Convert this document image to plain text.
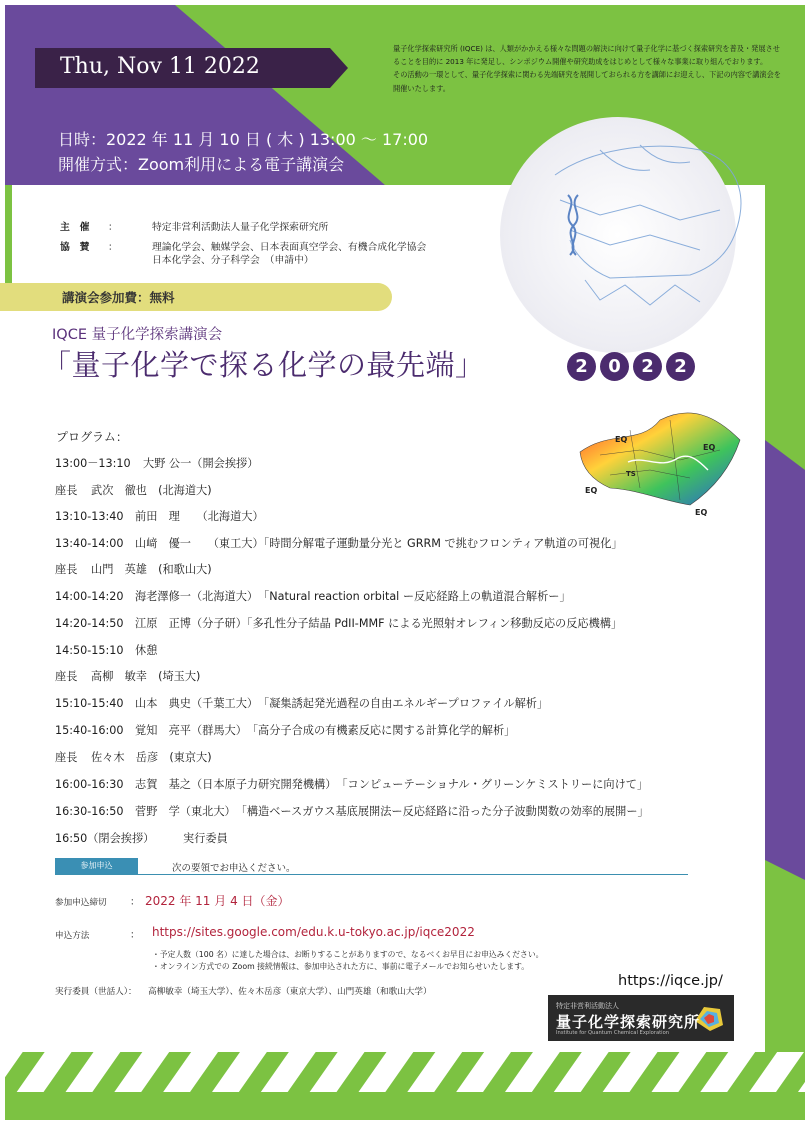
Thu, Nov 11 2022

量子化学探索研究所 (IQCE) は、人類がかかえる様々な問題の解決に向けて量子化学に基づく探索研究を普及・発展させることを目的に 2013 年に発足し、シンポジウム開催や研究助成をはじめとして様々な事業に取り組んでおります。

その活動の一環として、量子化学探索に関わる先端研究を展開しておられる方を講師にお迎えし、下記の内容で講演会を開催いたします。

日時：2022 年 11 月 10 日 ( 木 ) 13:00 〜 17:00
開催方式：Zoom利用による電子講演会
主　催	：	特定非営利活動法人量子化学探索研究所
協　賛	：	理論化学会、触媒学会、日本表面真空学会、有機合成化学協会
日本化学会、分子科学会　（申請中）
講演会参加費：無料
IQCE 量子化学探索講演会
「量子化学で探る化学の最先端」	2	0	2	2
EQ
EQ
EQ
EQ
TS
プログラム：
13:00－13:10 大野 公一（開会挨拶）
座長 武次　徹也　(北海道大)
13:10-13:40 前田　理　　（北海道大）
13:40-14:00 山﨑　優一　　（東工大）「時間分解電子運動量分光と GRRM で挑むフロンティア軌道の可視化」
座長 山門　英雄　(和歌山大)
14:00-14:20 海老澤修一（北海道大）　「Natural reaction orbital ー反応経路上の軌道混合解析ー」
14:20-14:50 江原　正博（分子研）「多孔性分子結晶 PdII-MMF による光照射オレフィン移動反応の反応機構」
14:50-15:10 休憩
座長 高柳　敏幸　(埼玉大)
15:10-15:40 山本　典史（千葉工大）　「凝集誘起発光過程の自由エネルギープロファイル解析」
15:40-16:00 覚知　亮平（群馬大）　「高分子合成の有機素反応に関する計算化学的解析」
座長 佐々木　岳彦　(東京大)
16:00-16:30 志賀　基之（日本原子力研究開発機構）　「コンピューテーショナル・グリーンケミストリーに向けて」
16:30-16:50 菅野　学（東北大）　「構造ベースガウス基底展開法ー反応経路に沿った分子波動関数の効率的展開ー」
16:50（閉会挨拶）	実行委員
参加申込	次の要領でお申込ください。
参加申込締切 ： 2022 年 11 月 4 日（金）
申込方法	： https://sites.google.com/edu.k.u-tokyo.ac.jp/iqce2022
・予定人数（100 名）に達した場合は、お断りすることがありますので、なるべくお早目にお申込みください。
・オンライン方式での Zoom 接続情報は、参加申込された方に、事前に電子メールでお知らせいたします。
実行委員（世話人）： 高柳敏幸（埼玉大学）、佐々木岳彦（東京大学）、山門英雄（和歌山大学）
https://iqce.jp/
特定非営利活動法人
量子化学探索研究所
Institute for Quantum Chemical Exploration
